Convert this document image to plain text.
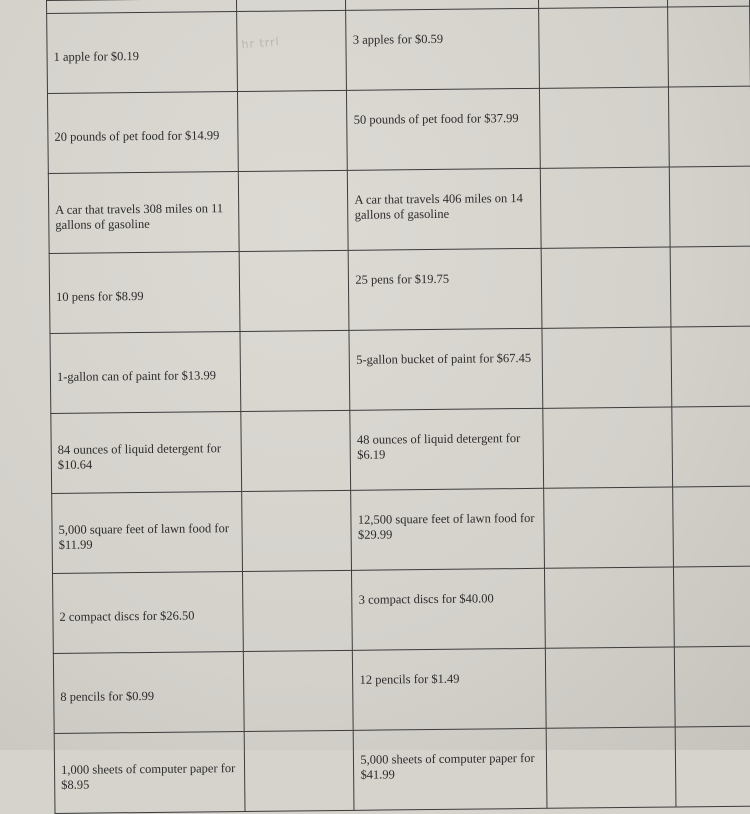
1 apple for $0.19	hr trrl	3 apples for $0.59		

20 pounds of pet food for $14.99		50 pounds of pet food for $37.99		

A car that travels 308 miles on 11 gallons of gasoline		A car that travels 406 miles on 14 gallons of gasoline		

10 pens for $8.99		25 pens for $19.75		

1-gallon can of paint for $13.99		5-gallon bucket of paint for $67.45		

84 ounces of liquid detergent for $10.64		48 ounces of liquid detergent for $6.19		

5,000 square feet of lawn food for $11.99		12,500 square feet of lawn food for $29.99		

2 compact discs for $26.50		3 compact discs for $40.00		

8 pencils for $0.99		12 pencils for $1.49		

1,000 sheets of computer paper for $8.95		5,000 sheets of computer paper for $41.99		
